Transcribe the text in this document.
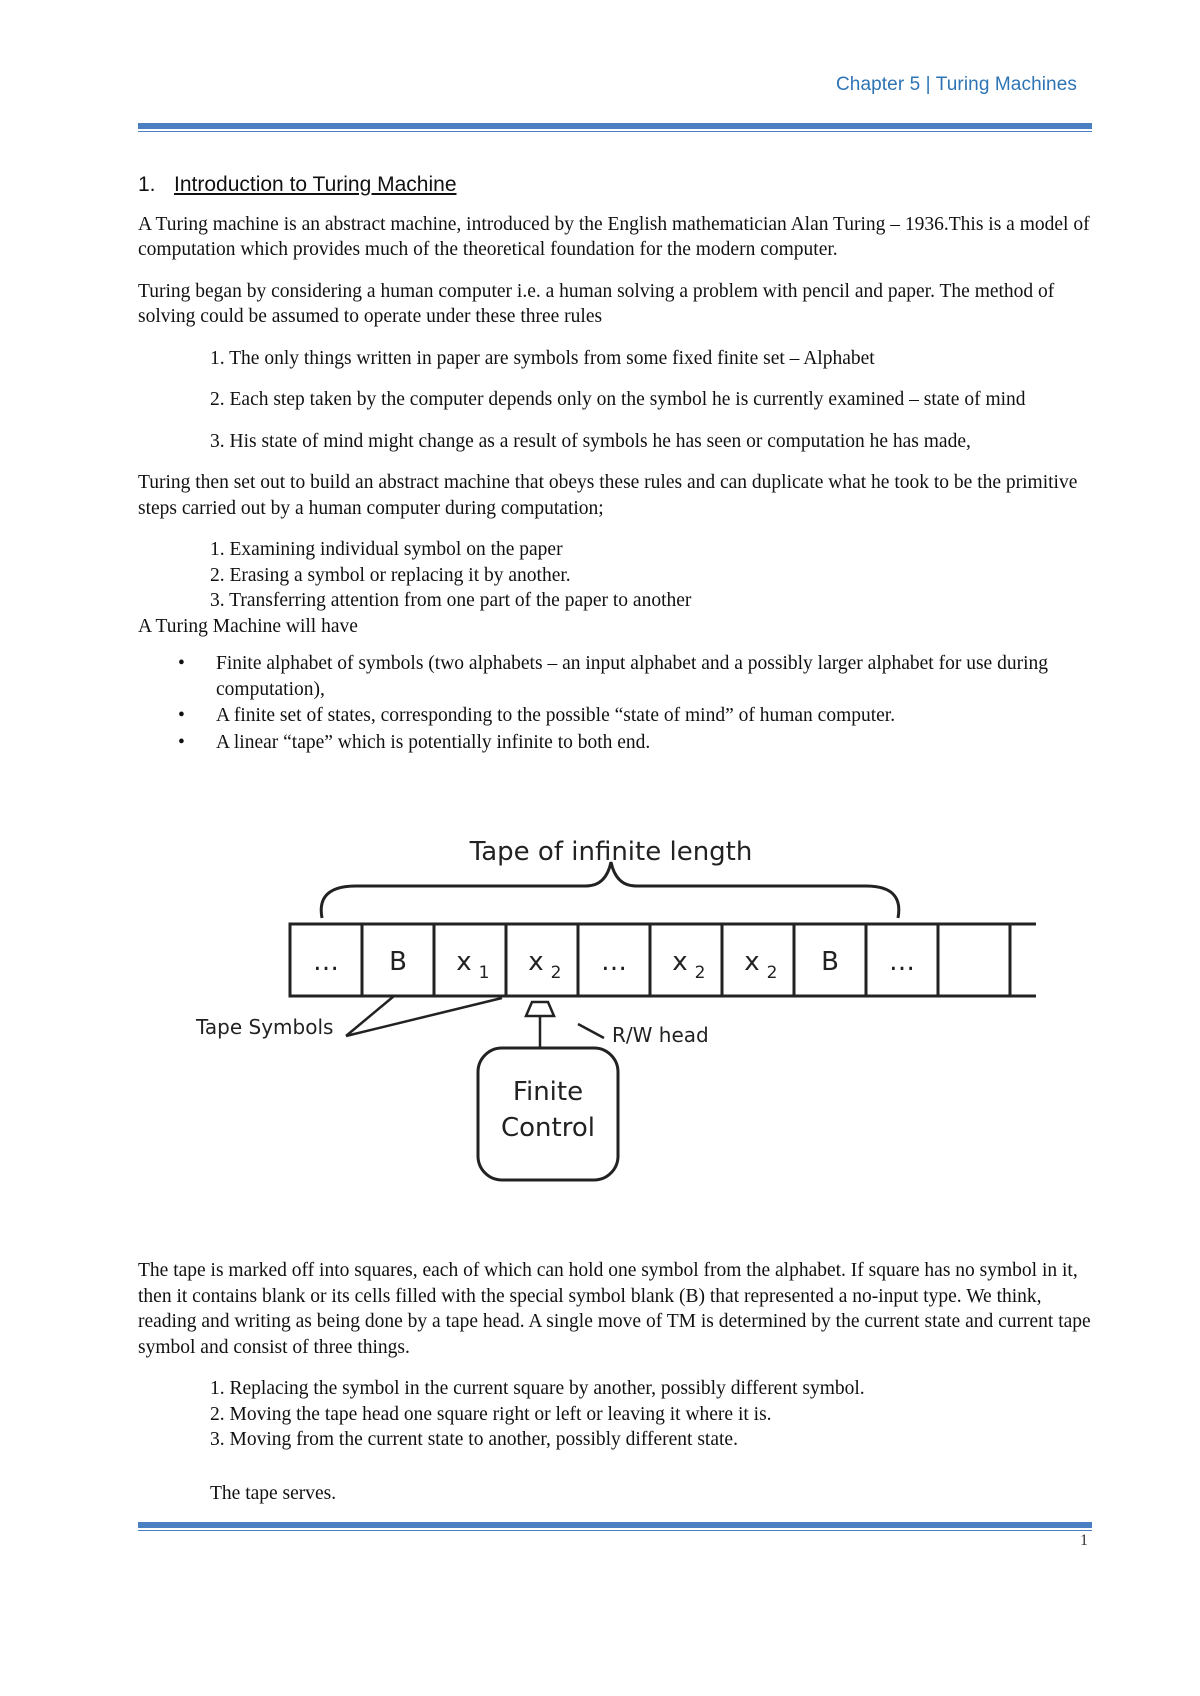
Chapter 5 | Turing Machines
1. Introduction to Turing Machine

A Turing machine is an abstract machine, introduced by the English mathematician Alan Turing – 1936.This is a model of computation which provides much of the theoretical foundation for the modern computer.

Turing began by considering a human computer i.e. a human solving a problem with pencil and paper. The method of solving could be assumed to operate under these three rules

1. The only things written in paper are symbols from some fixed finite set – Alphabet
2. Each step taken by the computer depends only on the symbol he is currently examined – state of mind
3. His state of mind might change as a result of symbols he has seen or computation he has made,

Turing then set out to build an abstract machine that obeys these rules and can duplicate what he took to be the primitive steps carried out by a human computer during computation;

1. Examining individual symbol on the paper
2. Erasing a symbol or replacing it by another.
3. Transferring attention from one part of the paper to another
A Turing Machine will have
• Finite alphabet of symbols (two alphabets – an input alphabet and a possibly larger alphabet for use during computation),
• A finite set of states, corresponding to the possible “state of mind” of human computer.
• A linear “tape” which is potentially infinite to both end.
Tape of infinite length
… B x 1 x 2 … x 2 x 2 B …
Tape Symbols	R/W head
Finite
Control

The tape is marked off into squares, each of which can hold one symbol from the alphabet. If square has no symbol in it, then it contains blank or its cells filled with the special symbol blank (B) that represented a no-input type. We think, reading and writing as being done by a tape head. A single move of TM is determined by the current state and current tape symbol and consist of three things.

1. Replacing the symbol in the current square by another, possibly different symbol.
2. Moving the tape head one square right or left or leaving it where it is.
3. Moving from the current state to another, possibly different state.
The tape serves.
1
